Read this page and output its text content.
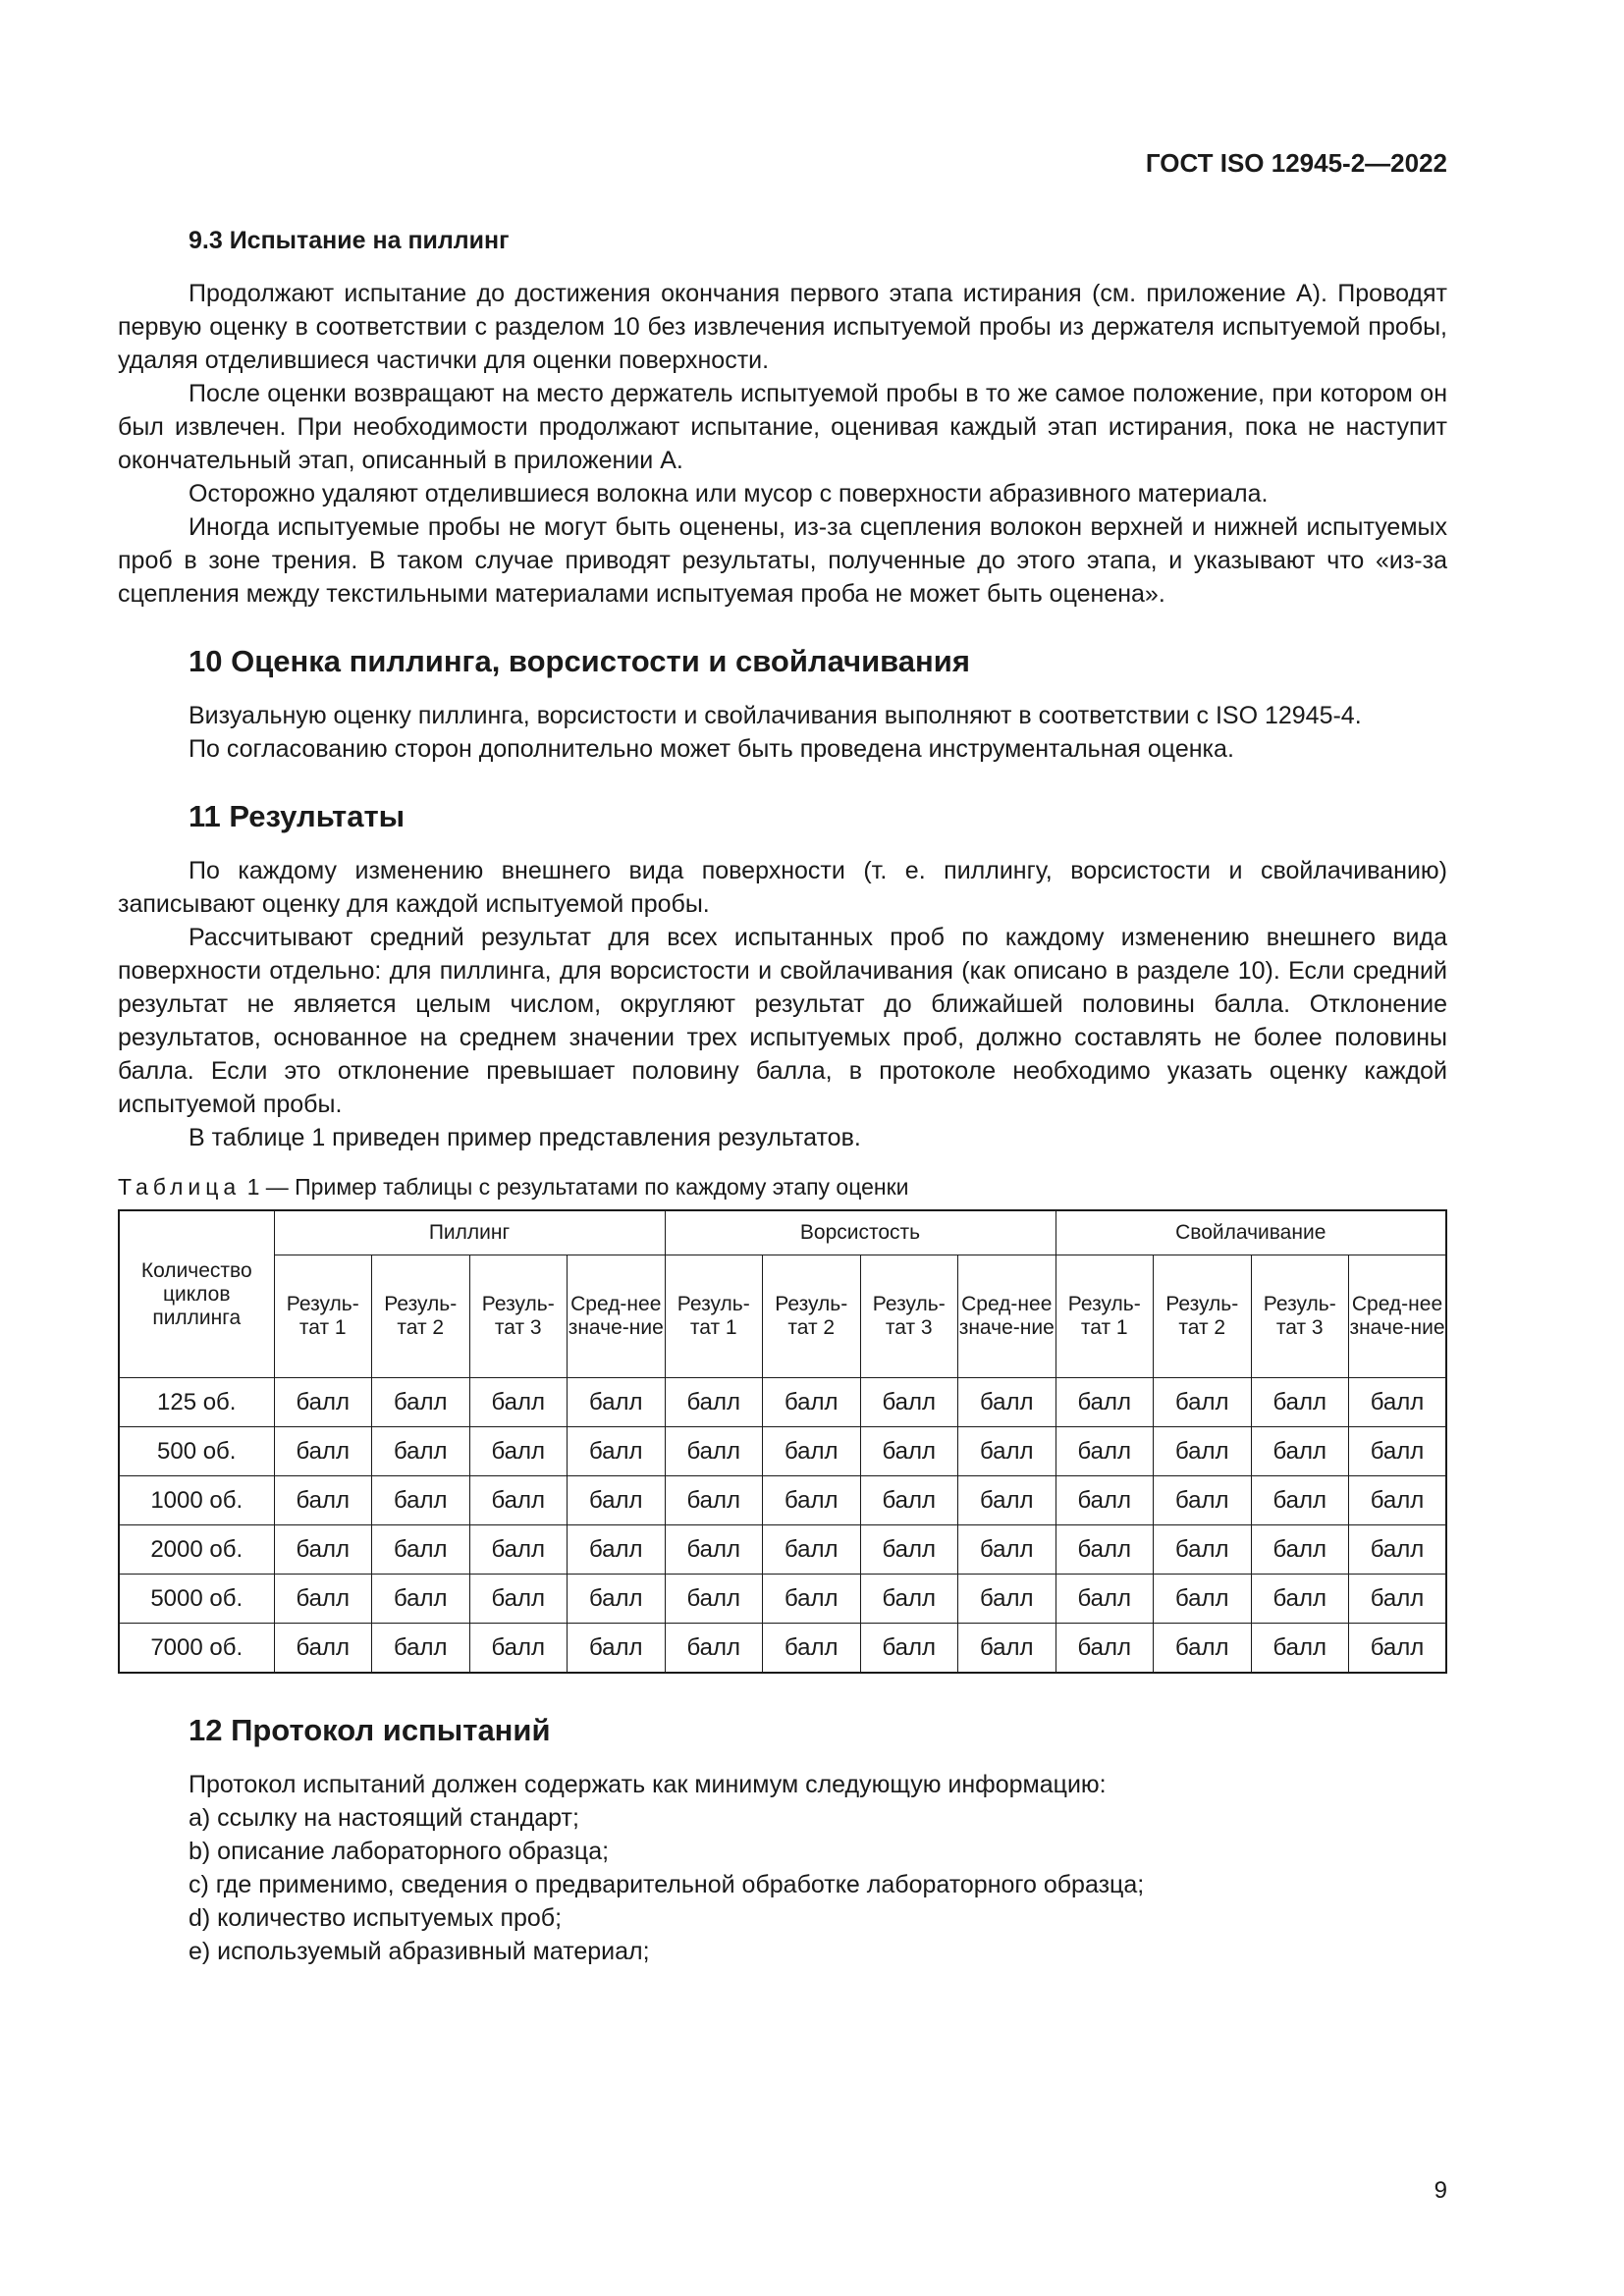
ГОСТ ISO 12945-2—2022
9.3 Испытание на пиллинг

Продолжают испытание до достижения окончания первого этапа истирания (см. приложение А). Проводят первую оценку в соответствии с разделом 10 без извлечения испытуемой пробы из держателя испытуемой пробы, удаляя отделившиеся частички для оценки поверхности.

После оценки возвращают на место держатель испытуемой пробы в то же самое положение, при котором он был извлечен. При необходимости продолжают испытание, оценивая каждый этап истирания, пока не наступит окончательный этап, описанный в приложении А.

Осторожно удаляют отделившиеся волокна или мусор с поверхности абразивного материала.

Иногда испытуемые пробы не могут быть оценены, из-за сцепления волокон верхней и нижней испытуемых проб в зоне трения. В таком случае приводят результаты, полученные до этого этапа, и указывают что «из-за сцепления между текстильными материалами испытуемая проба не может быть оценена».

10 Оценка пиллинга, ворсистости и свойлачивания

Визуальную оценку пиллинга, ворсистости и свойлачивания выполняют в соответствии с ISO 12945-4.

По согласованию сторон дополнительно может быть проведена инструментальная оценка.

11 Результаты

По каждому изменению внешнего вида поверхности (т. е. пиллингу, ворсистости и свойлачиванию) записывают оценку для каждой испытуемой пробы.

Рассчитывают средний результат для всех испытанных проб по каждому изменению внешнего вида поверхности отдельно: для пиллинга, для ворсистости и свойлачивания (как описано в разделе 10). Если средний результат не является целым числом, округляют результат до ближайшей половины балла. Отклонение результатов, основанное на среднем значении трех испытуемых проб, должно составлять не более половины балла. Если это отклонение превышает половину балла, в протоколе необходимо указать оценку каждой испытуемой пробы.

В таблице 1 приведен пример представления результатов.

Таблица 1 — Пример таблицы с результатами по каждому этапу оценки
Количество циклов пиллинга	Пиллинг				Ворсистость				Свойлачивание			
	Резуль-​тат 1	Резуль-​тат 2	Резуль-​тат 3	Сред-​нее значе-​ние	Резуль-​тат 1	Резуль-​тат 2	Резуль-​тат 3	Сред-​нее значе-​ние	Резуль-​тат 1	Резуль-​тат 2	Резуль-​тат 3	Сред-​нее значе-​ние
125 об.	балл	балл	балл	балл	балл	балл	балл	балл	балл	балл	балл	балл
500 об.	балл	балл	балл	балл	балл	балл	балл	балл	балл	балл	балл	балл
1000 об.	балл	балл	балл	балл	балл	балл	балл	балл	балл	балл	балл	балл
2000 об.	балл	балл	балл	балл	балл	балл	балл	балл	балл	балл	балл	балл
5000 об.	балл	балл	балл	балл	балл	балл	балл	балл	балл	балл	балл	балл
7000 об.	балл	балл	балл	балл	балл	балл	балл	балл	балл	балл	балл	балл
12 Протокол испытаний

Протокол испытаний должен содержать как минимум следующую информацию:

a) ссылку на настоящий стандарт;
b) описание лабораторного образца;
c) где применимо, сведения о предварительной обработке лабораторного образца;
d) количество испытуемых проб;
e) используемый абразивный материал;
9
